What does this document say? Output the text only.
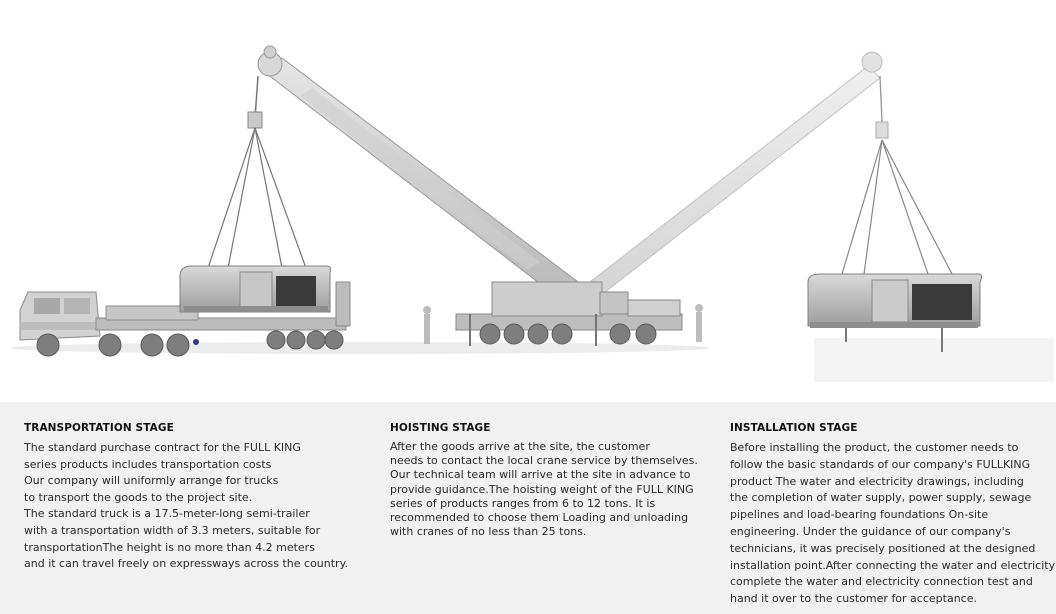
TRANSPORTATION STAGE
The standard purchase contract for the FULL KING
series products includes transportation costs
Our company will uniformly arrange for trucks
to transport the goods to the project site.
The standard truck is a 17.5-meter-long semi-trailer
with a transportation width of 3.3 meters, suitable for
transportationThe height is no more than 4.2 meters
and it can travel freely on expressways across the country.
HOISTING STAGE
After the goods arrive at the site, the customer
needs to contact the local crane service by themselves.
Our technical team will arrive at the site in advance to
provide guidance.The hoisting weight of the FULL KING
series of products ranges from 6 to 12 tons. It is
recommended to choose them Loading and unloading
with cranes of no less than 25 tons.
INSTALLATION STAGE
Before installing the product, the customer needs to
follow the basic standards of our company's FULLKING
product The water and electricity drawings, including
the completion of water supply, power supply, sewage
pipelines and load-bearing foundations On-site
engineering. Under the guidance of our company's
technicians, it was precisely positioned at the designed
installation point.After connecting the water and electricity
complete the water and electricity connection test and
hand it over to the customer for acceptance.
